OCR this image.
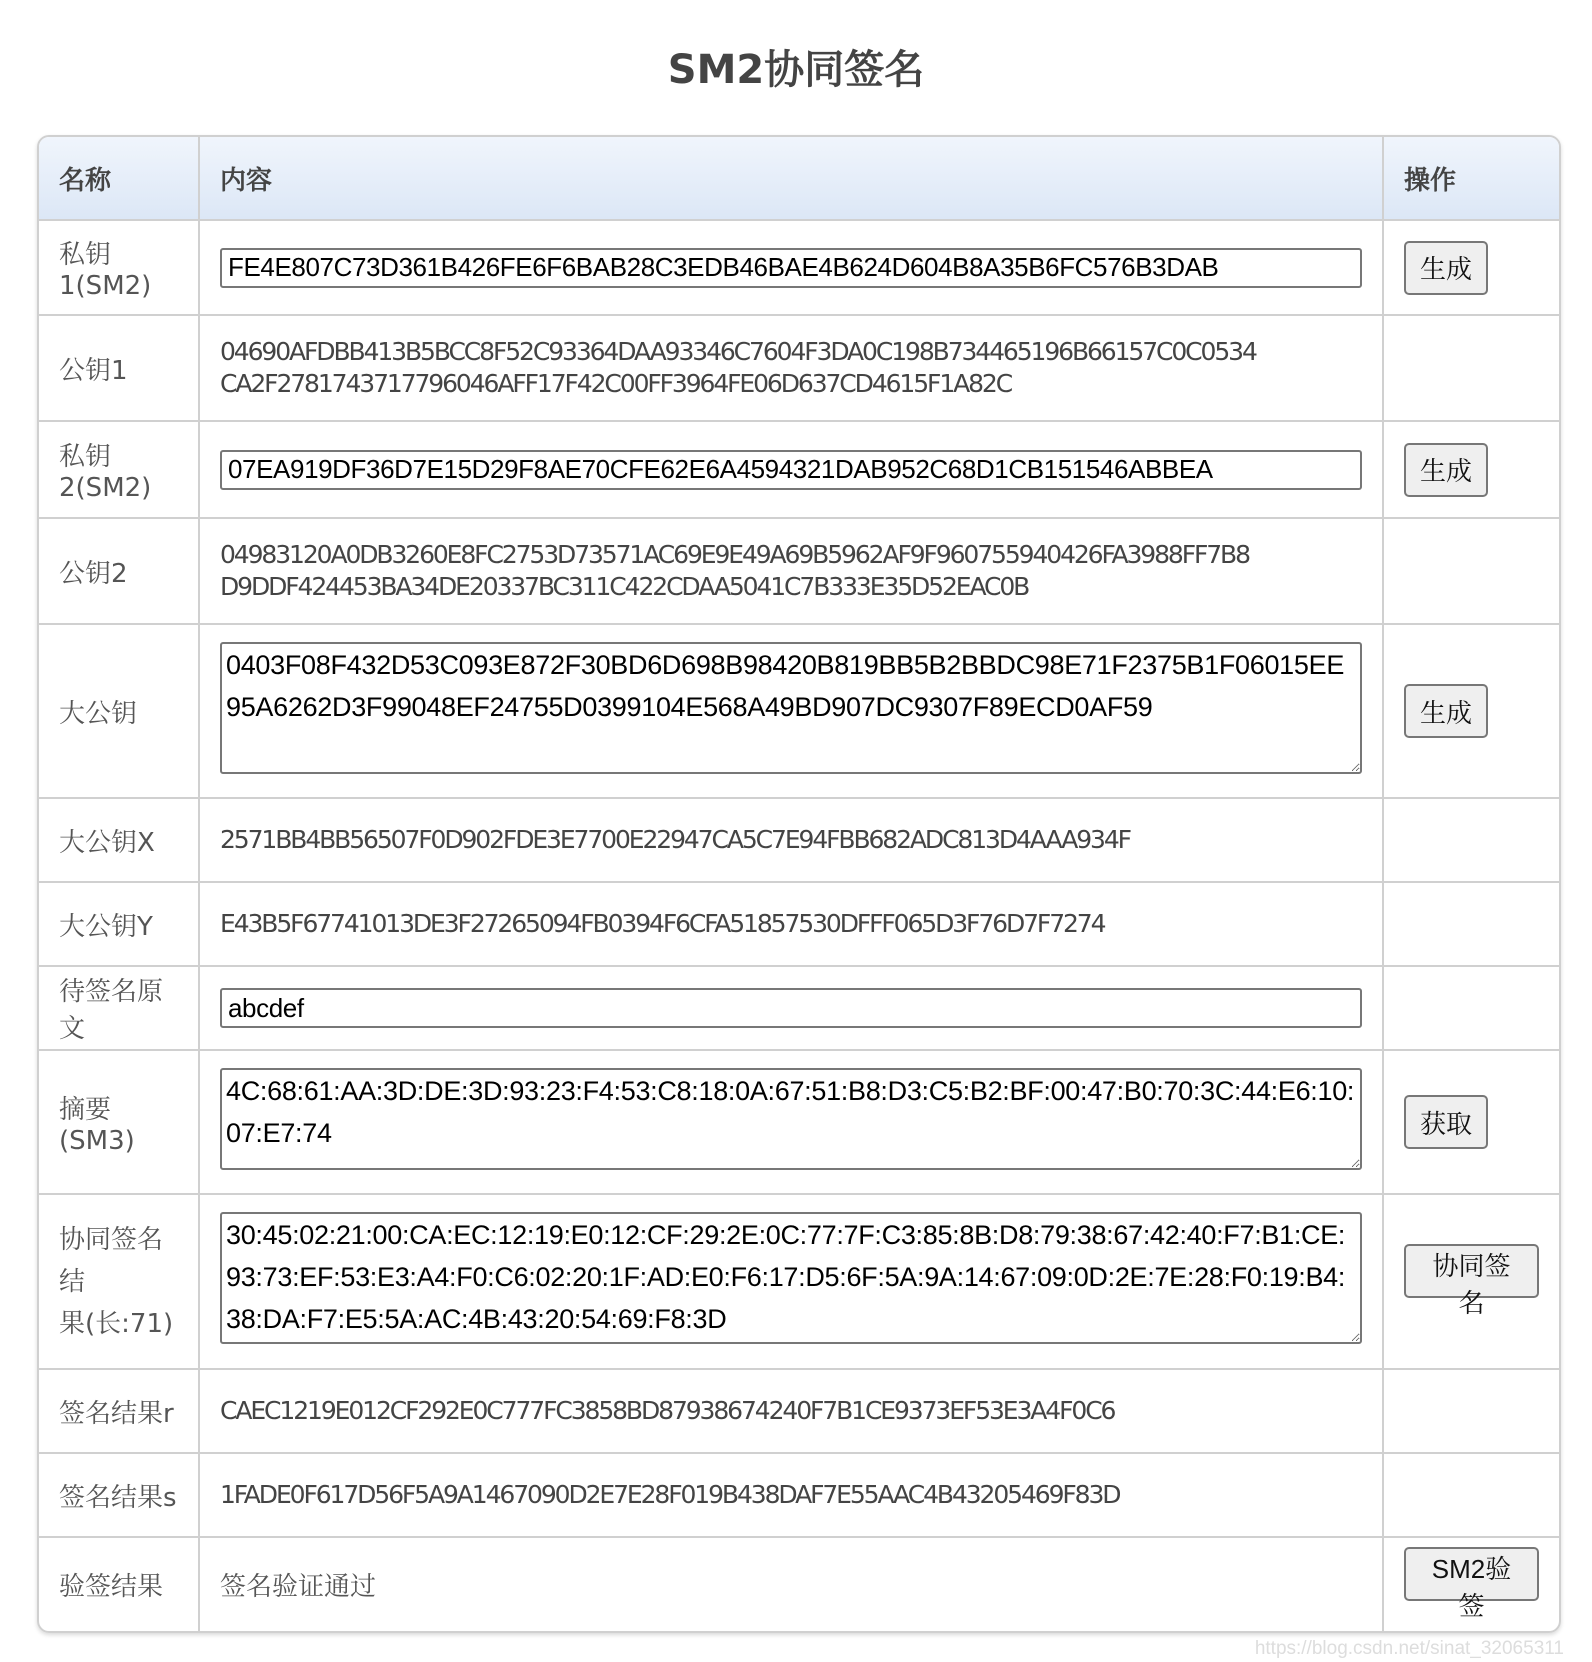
SM2协同签名
名称	内容	操作
私钥1(SM2)	FE4E807C73D361B426FE6F6BAB28C3EDB46BAE4B624D604B8A35B6FC576B3DAB	生成
公钥1	04690AFDBB413B5BCC8F52C93364DAA93346C7604F3DA0C198B734465196B66157C0C0534
CA2F2781743717796046AFF17F42C00FF3964FE06D637CD4615F1A82C	

私钥2(SM2)	07EA919DF36D7E15D29F8AE70CFE62E6A4594321DAB952C68D1CB151546ABBEA	生成
公钥2	04983120A0DB3260E8FC2753D73571AC69E9E49A69B5962AF9F960755940426FA3988FF7B8
D9DDF424453BA34DE20337BC311C422CDAA5041C7B333E35D52EAC0B	

大公钥	0403F08F432D53C093E872F30BD6D698B98420B819BB5B2BBDC98E71F2375B1F06015EE95A6262D3F99048EF24755D0399104E568A49BD907DC9307F89ECD0AF59	生成
大公钥X	2571BB4BB56507F0D902FDE3E7700E22947CA5C7E94FBB682ADC813D4AAA934F	
大公钥Y	E43B5F67741013DE3F27265094FB0394F6CFA51857530DFFF065D3F76D7F7274	
待签名原文	abcdef	
摘要(SM3)	4C:68:61:AA:3D:DE:3D:93:23:F4:53:C8:18:0A:67:51:B8:D3:C5:B2:BF:00:47:B0:70:3C:44:E6:10:07:E7:74	获取

协同签名结
果(长:71)
	30:45:02:21:00:CA:EC:12:19:E0:12:CF:29:2E:0C:77:7F:C3:85:8B:D8:79:38:67:42:40:F7:B1:CE:93:73:EF:53:E3:A4:F0:C6:02:20:1F:AD:E0:F6:17:D5:6F:5A:9A:14:67:09:0D:2E:7E:28:F0:19:B4:38:DA:F7:E5:5A:AC:4B:43:20:54:69:F8:3D	协同签名
签名结果r	CAEC1219E012CF292E0C777FC3858BD87938674240F7B1CE9373EF53E3A4F0C6	
签名结果s	1FADE0F617D56F5A9A1467090D2E7E28F019B438DAF7E55AAC4B43205469F83D	
验签结果	签名验证通过	SM2验签
https://blog.csdn.net/sinat_32065311
